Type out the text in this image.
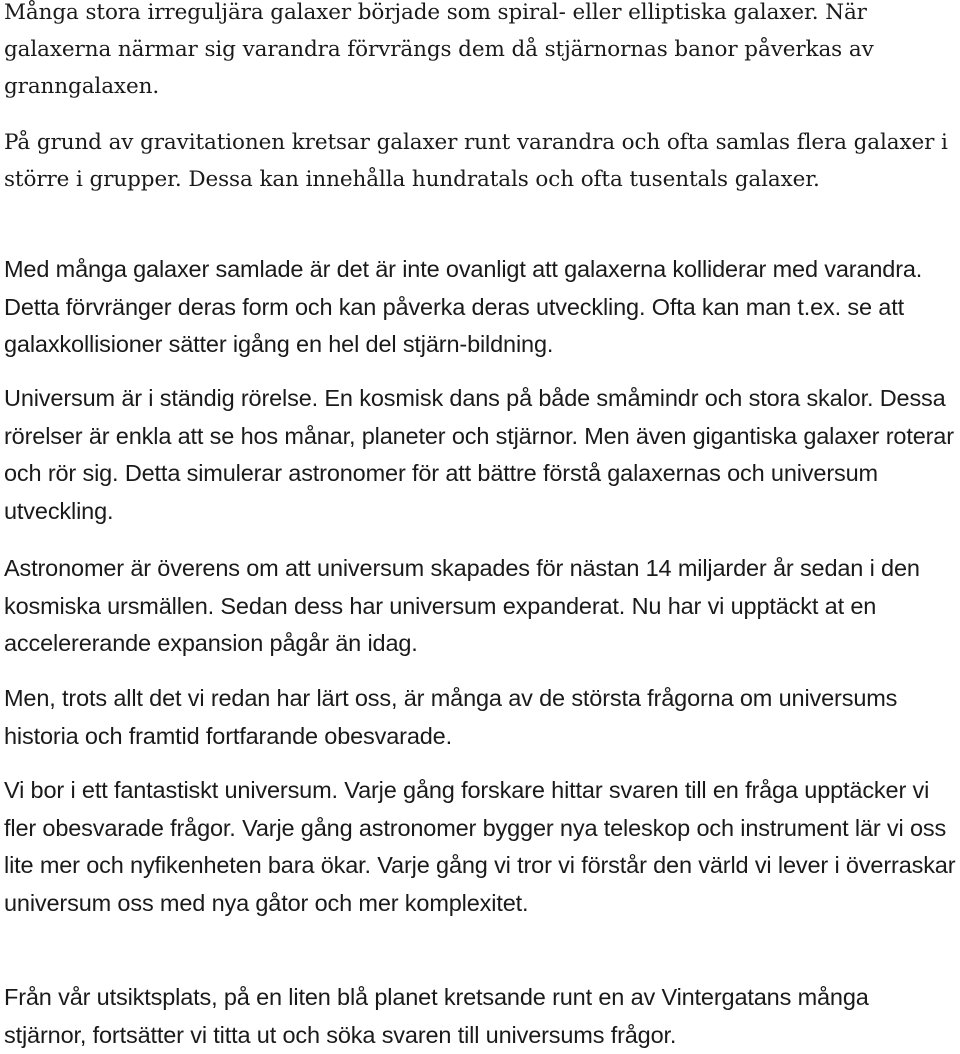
Många stora irreguljära galaxer började som spiral- eller elliptiska galaxer. När galaxerna närmar sig varandra förvrängs dem då stjärnornas banor påverkas av granngalaxen.

På grund av gravitationen kretsar galaxer runt varandra och ofta samlas flera galaxer i större i grupper. Dessa kan innehålla hundratals och ofta tusentals galaxer.

Med många galaxer samlade är det är inte ovanligt att galaxerna kolliderar med varandra. Detta förvränger deras form och kan påverka deras utveckling. Ofta kan man t.ex. se att galaxkollisioner sätter igång en hel del stjärn-bildning.

Universum är i ständig rörelse. En kosmisk dans på både småmindr och stora skalor. Dessa rörelser är enkla att se hos månar, planeter och stjärnor. Men även gigantiska galaxer roterar och rör sig. Detta simulerar astronomer för att bättre förstå galaxernas och universum utveckling.

Astronomer är överens om att universum skapades för nästan 14 miljarder år sedan i den kosmiska ursmällen. Sedan dess har universum expanderat. Nu har vi upptäckt at en accelererande expansion pågår än idag.

Men, trots allt det vi redan har lärt oss, är många av de största frågorna om universums historia och framtid fortfarande obesvarade.

Vi bor i ett fantastiskt universum. Varje gång forskare hittar svaren till en fråga upptäcker vi fler obesvarade frågor. Varje gång astronomer bygger nya teleskop och instrument lär vi oss lite mer och nyfikenheten bara ökar. Varje gång vi tror vi förstår den värld vi lever i överraskar universum oss med nya gåtor och mer komplexitet.

Från vår utsiktsplats, på en liten blå planet kretsande runt en av Vintergatans många stjärnor, fortsätter vi titta ut och söka svaren till universums frågor.
